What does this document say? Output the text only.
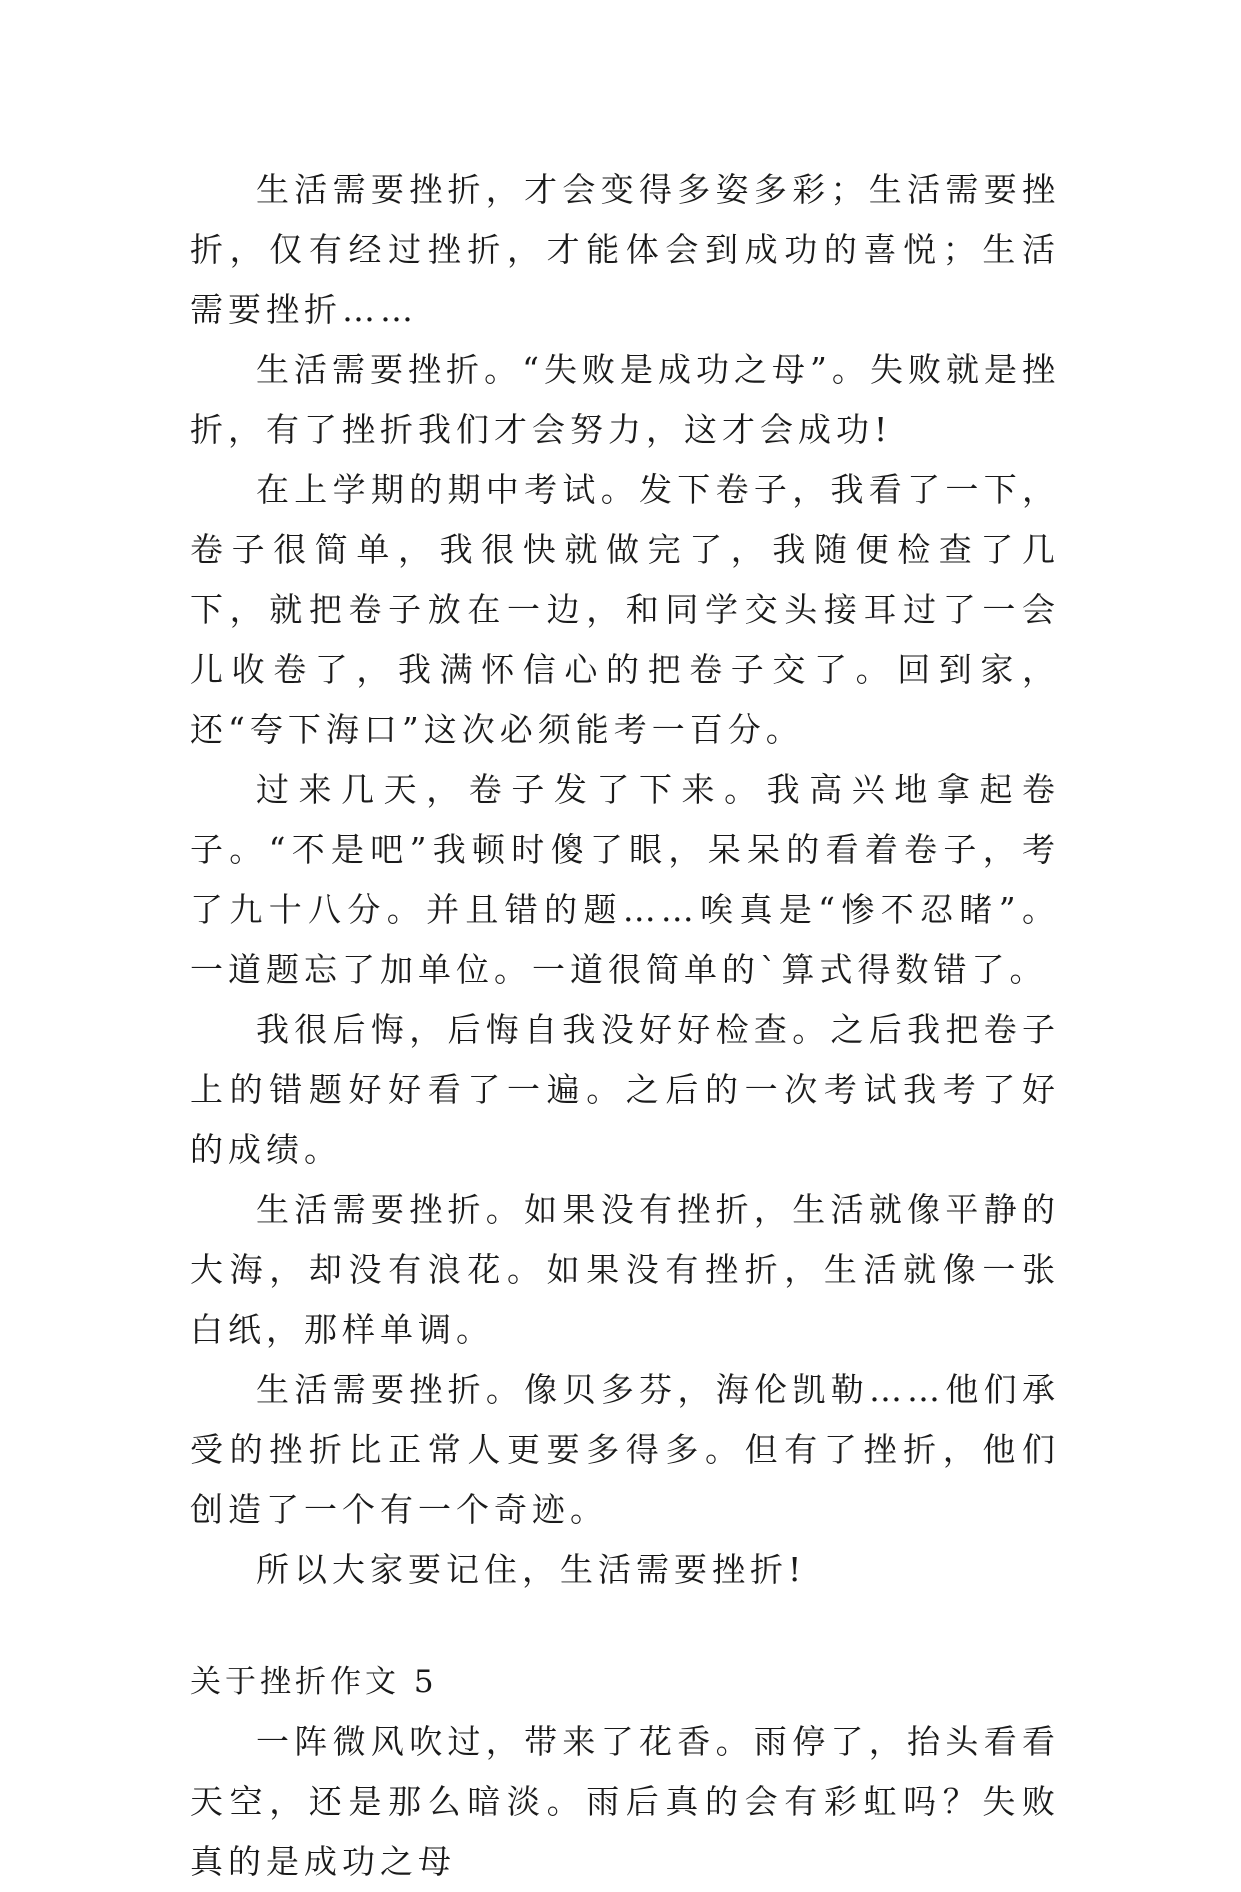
生活需要挫折，才会变得多姿多彩；生活需要挫折，仅有经过挫折，才能体会到成功的喜悦；生活需要挫折……

生活需要挫折。“失败是成功之母”。失败就是挫折，有了挫折我们才会努力，这才会成功!

在上学期的期中考试。发下卷子，我看了一下，卷子很简单，我很快就做完了，我随便检查了几下，就把卷子放在一边，和同学交头接耳过了一会儿收卷了，我满怀信心的把卷子交了。回到家，还“夸下海口”这次必须能考一百分。

过来几天，卷子发了下来。我高兴地拿起卷子。“不是吧”我顿时傻了眼，呆呆的看着卷子，考了九十八分。并且错的题……唉真是“惨不忍睹”。一道题忘了加单位。一道很简单的`算式得数错了。

我很后悔，后悔自我没好好检查。之后我把卷子上的错题好好看了一遍。之后的一次考试我考了好的成绩。

生活需要挫折。如果没有挫折，生活就像平静的大海，却没有浪花。如果没有挫折，生活就像一张白纸，那样单调。

生活需要挫折。像贝多芬，海伦凯勒……他们承受的挫折比正常人更要多得多。但有了挫折，他们创造了一个有一个奇迹。

所以大家要记住，生活需要挫折!

关于挫折作文 5

一阵微风吹过，带来了花香。雨停了，抬头看看天空，还是那么暗淡。雨后真的会有彩虹吗？失败真的是成功之母
